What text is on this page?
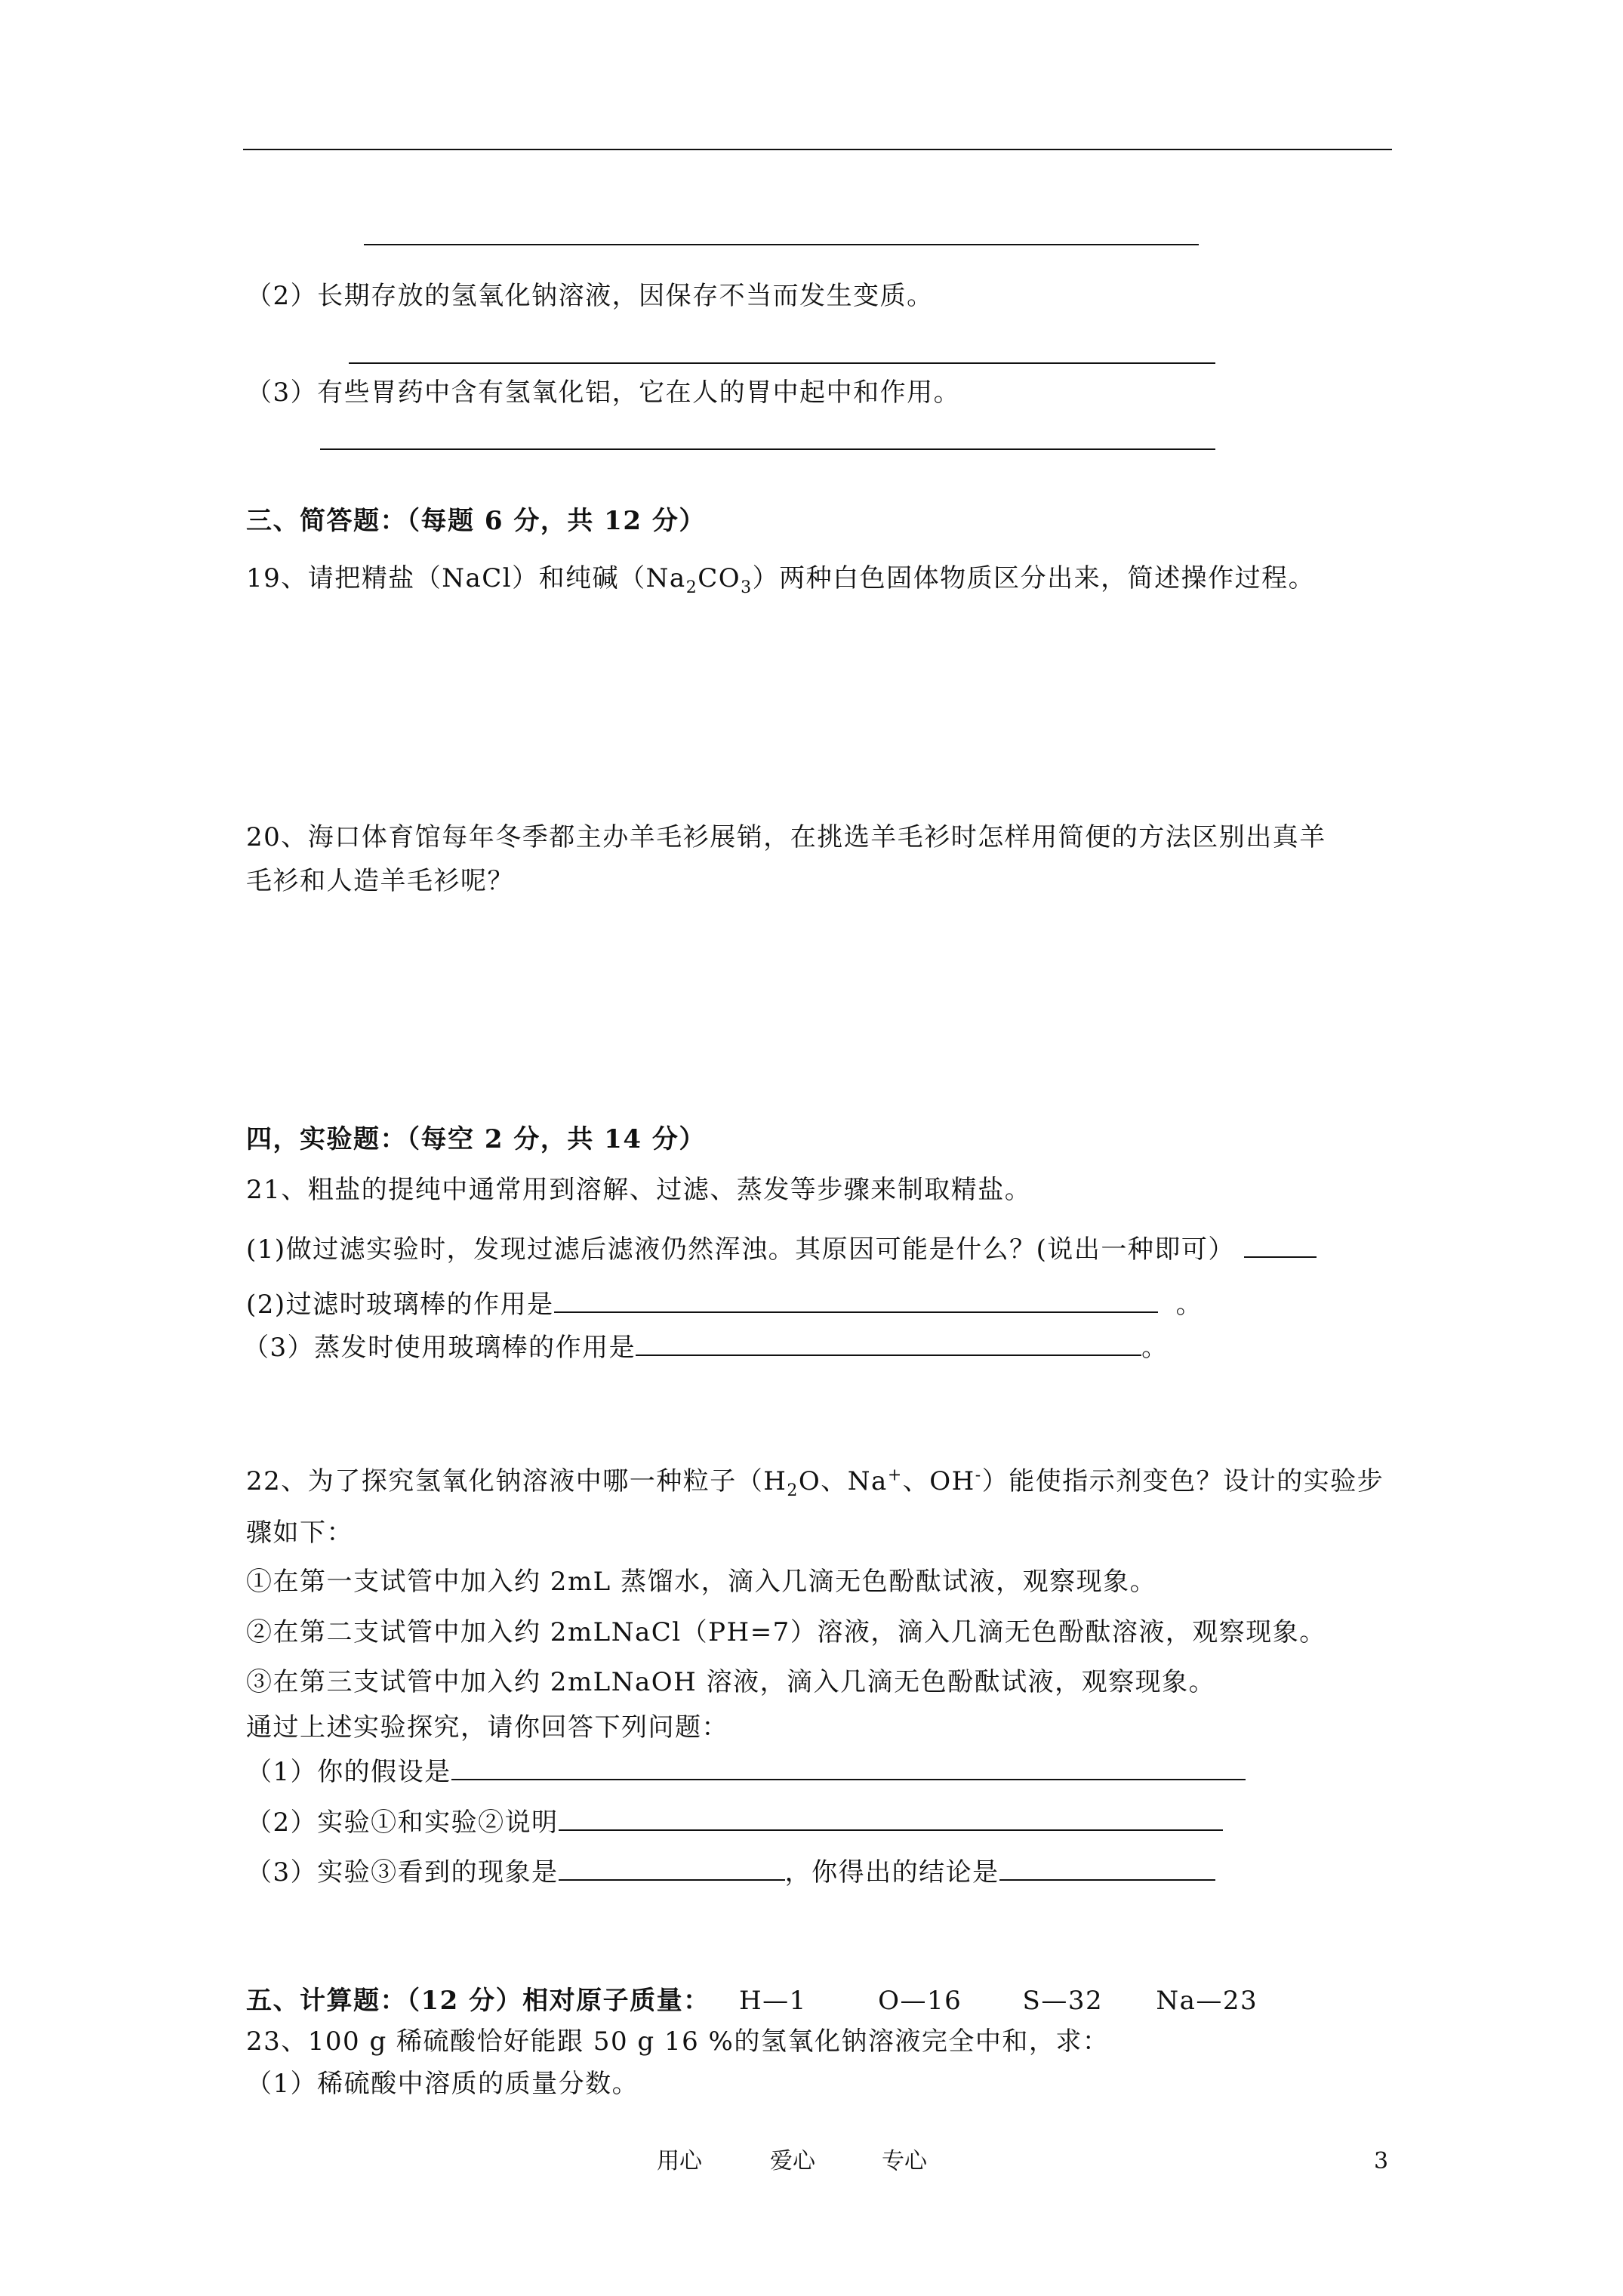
（2）长期存放的氢氧化钠溶液，因保存不当而发生变质。
（3）有些胃药中含有氢氧化铝，它在人的胃中起中和作用。
三、简答题：（每题 6 分，共 12 分）
19、请把精盐（NaCl）和纯碱$(Na_2CO_3)$两种白色固体物质区分出来，简述操作过程。
20、海口体育馆每年冬季都主办羊毛衫展销，在挑选羊毛衫时怎样用简便的方法区别出真羊
毛衫和人造羊毛衫呢？
四，实验题：（每空 2 分，共 14 分）
21、粗盐的提纯中通常用到溶解、过滤、蒸发等步骤来制取精盐。
(1)做过滤实验时，发现过滤后滤液仍然浑浊。其原因可能是什么？(说出一种即可）
(2)过滤时玻璃棒的作用是	。
（3）蒸发时使用玻璃棒的作用是	。
22、为了探究氢氧化钠溶液中哪一种粒子（$H_2O$、Na+、OH-）能使指示剂变色？设计的实验步
骤如下：
①在第一支试管中加入约 2mL 蒸馏水，滴入几滴无色酚酞试液，观察现象。
②在第二支试管中加入约 2mLNaCl（PH=7）溶液，滴入几滴无色酚酞溶液，观察现象。
③在第三支试管中加入约 2mLNaOH 溶液，滴入几滴无色酚酞试液，观察现象。
通过上述实验探究，请你回答下列问题：
（1）你的假设是
（2）实验①和实验②说明
（3）实验③看到的现象是	，你得出的结论是
五、计算题：（12 分）相对原子质量： H—1	O—16 S—32 Na—23
23、100 g 稀硫酸恰好能跟 50 g 16 %的氢氧化钠溶液完全中和，求：
（1）稀硫酸中溶质的质量分数。
用心	爱心	专心	3
